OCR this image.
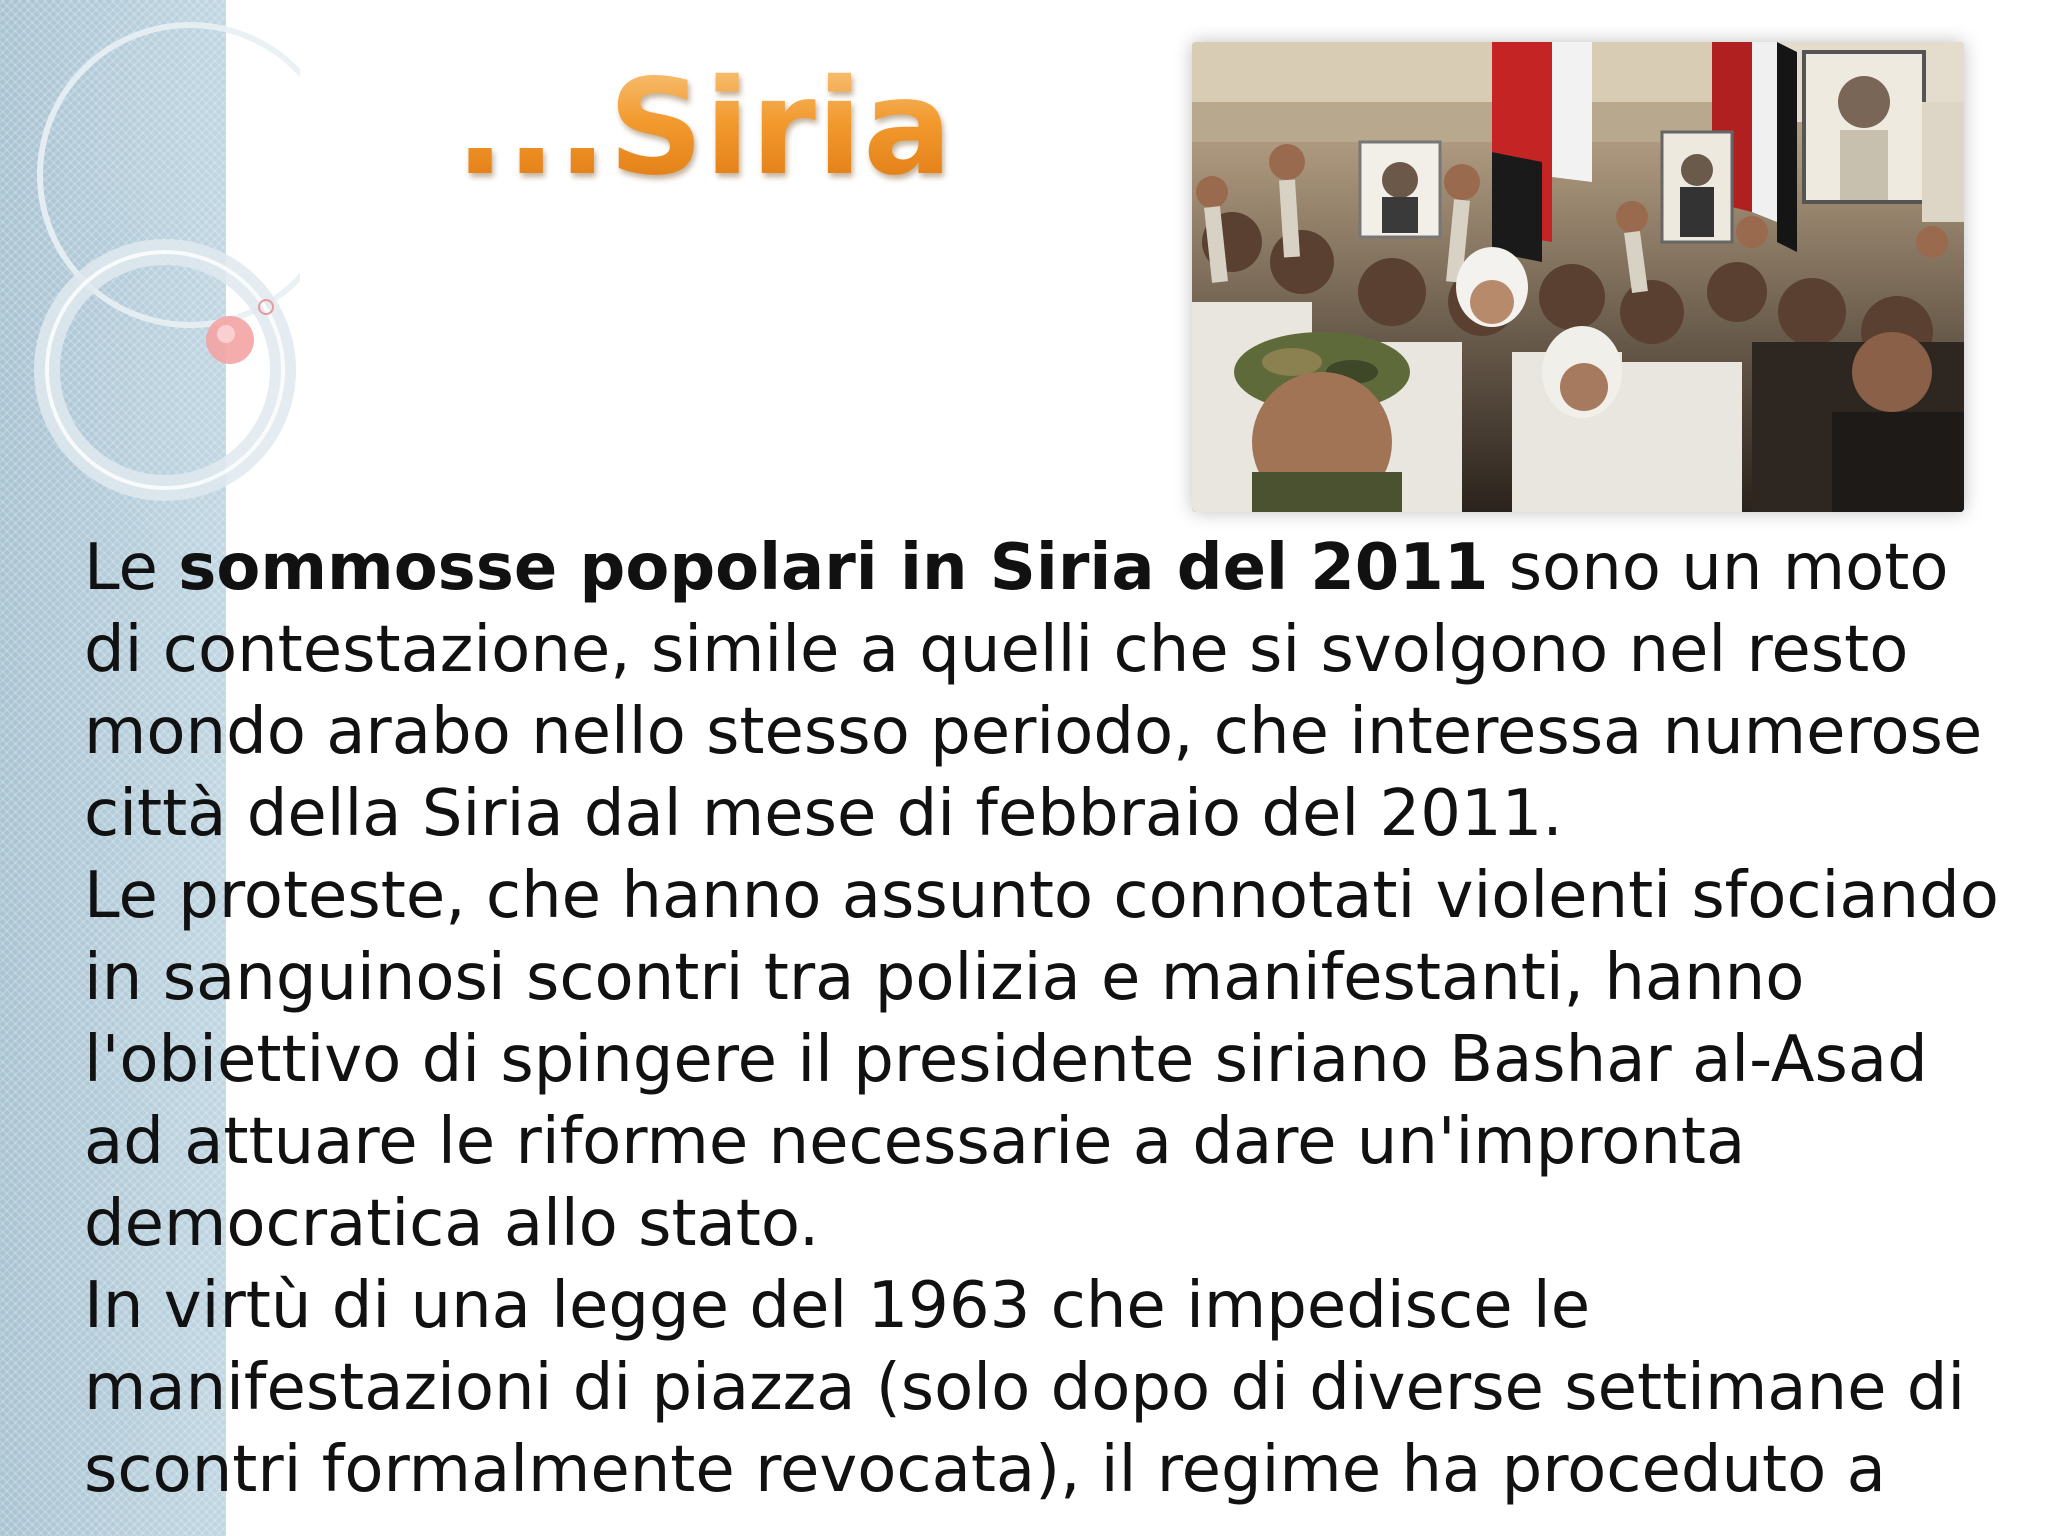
...Siria

Le sommosse popolari in Siria del 2011 sono un moto di contestazione, simile a quelli che si svolgono nel resto mondo arabo nello stesso periodo, che interessa numerose città della Siria dal mese di febbraio del 2011.

Le proteste, che hanno assunto connotati violenti sfociando in sanguinosi scontri tra polizia e manifestanti, hanno l'obiettivo di spingere il presidente siriano Bashar al-Asad ad attuare le riforme necessarie a dare un'impronta democratica allo stato.

In virtù di una legge del 1963 che impedisce le manifestazioni di piazza (solo dopo di diverse settimane di scontri formalmente revocata), il regime ha proceduto a
